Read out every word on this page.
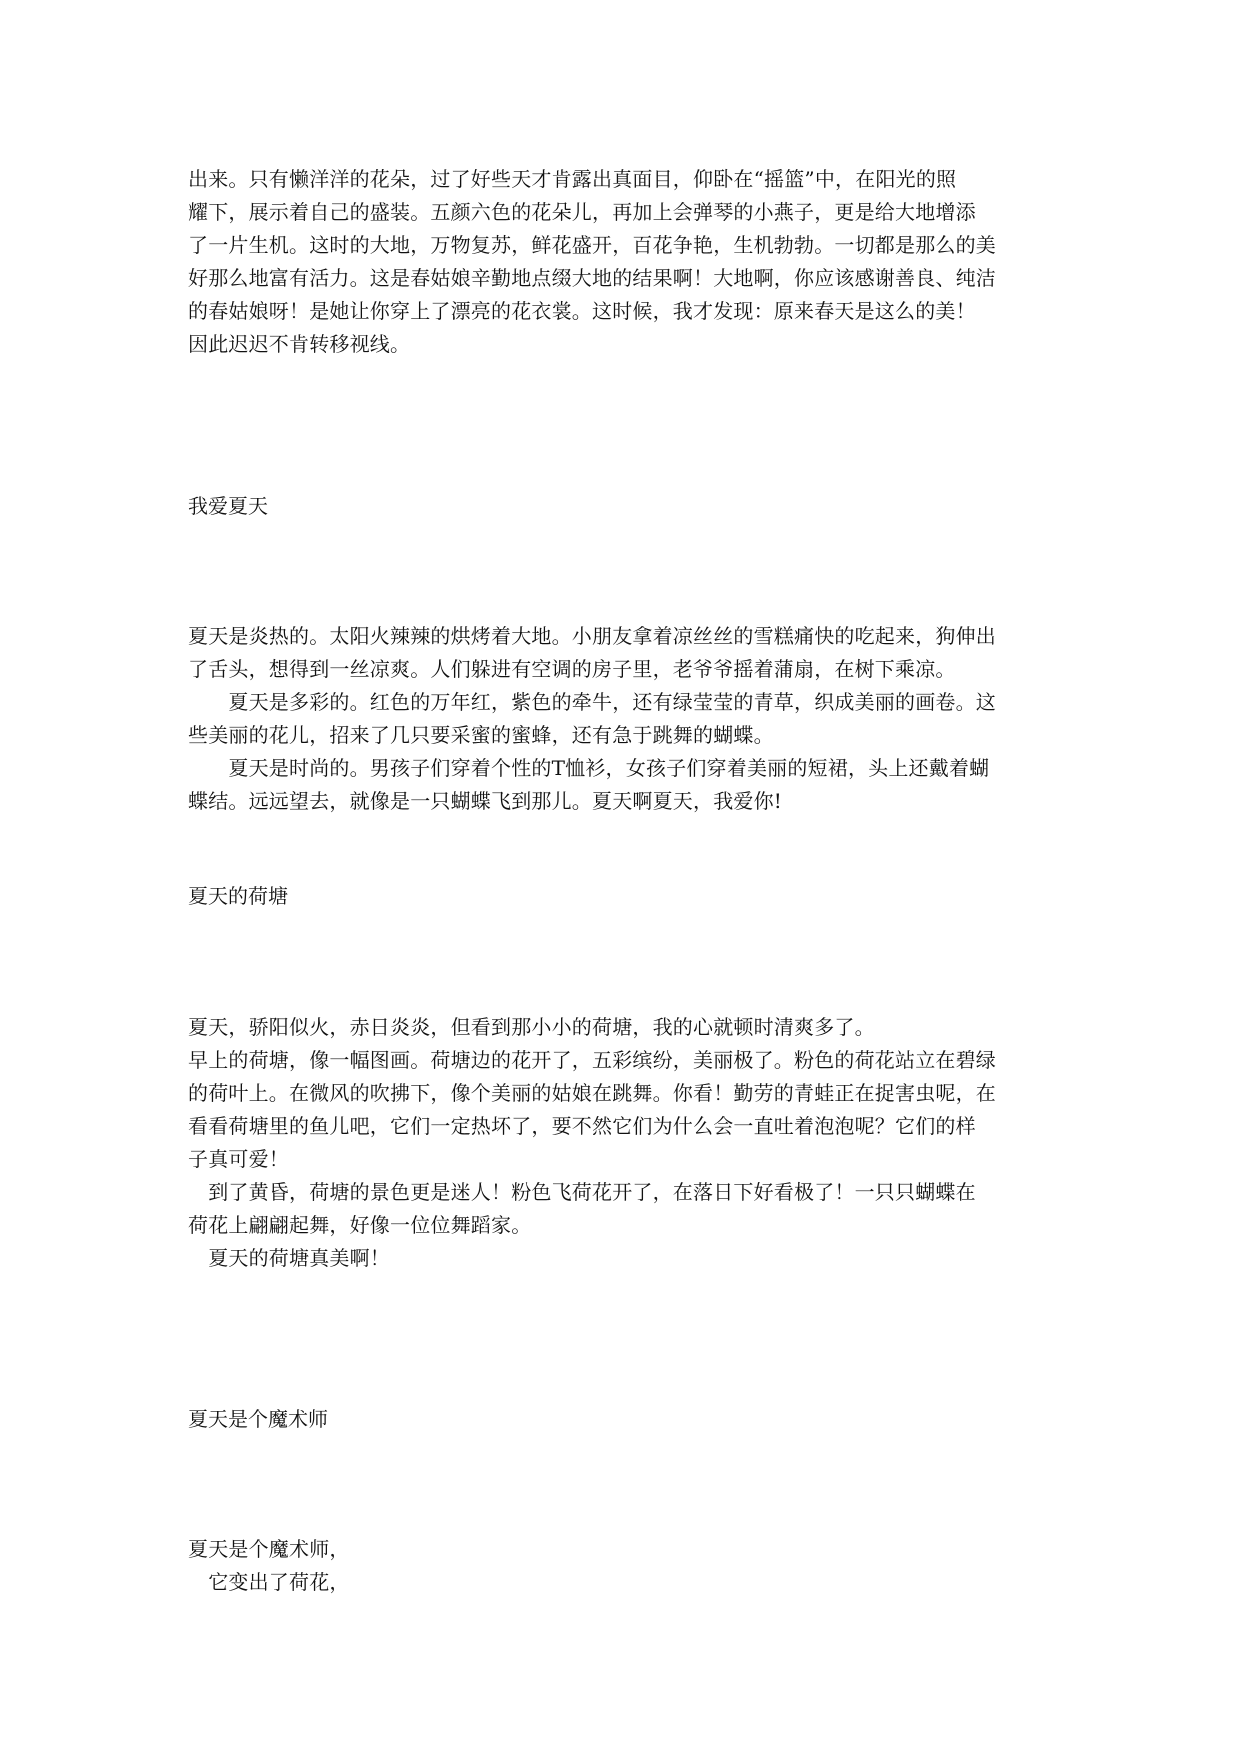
出来。只有懒洋洋的花朵，过了好些天才肯露出真面目，仰卧在“摇篮”中，在阳光的照
耀下，展示着自己的盛装。五颜六色的花朵儿，再加上会弹琴的小燕子，更是给大地增添
了一片生机。这时的大地，万物复苏，鲜花盛开，百花争艳，生机勃勃。一切都是那么的美
好那么地富有活力。这是春姑娘辛勤地点缀大地的结果啊！大地啊，你应该感谢善良、纯洁
的春姑娘呀！是她让你穿上了漂亮的花衣裳。这时候，我才发现：原来春天是这么的美！
因此迟迟不肯转移视线。
我爱夏天
夏天是炎热的。太阳火辣辣的烘烤着大地。小朋友拿着凉丝丝的雪糕痛快的吃起来，狗伸出
了舌头，想得到一丝凉爽。人们躲进有空调的房子里，老爷爷摇着蒲扇，在树下乘凉。
　　夏天是多彩的。红色的万年红，紫色的牵牛，还有绿莹莹的青草，织成美丽的画卷。这
些美丽的花儿，招来了几只要采蜜的蜜蜂，还有急于跳舞的蝴蝶。
　　夏天是时尚的。男孩子们穿着个性的T恤衫，女孩子们穿着美丽的短裙，头上还戴着蝴
蝶结。远远望去，就像是一只蝴蝶飞到那儿。夏天啊夏天，我爱你!
夏天的荷塘
夏天，骄阳似火，赤日炎炎，但看到那小小的荷塘，我的心就顿时清爽多了。
早上的荷塘，像一幅图画。荷塘边的花开了，五彩缤纷，美丽极了。粉色的荷花站立在碧绿
的荷叶上。在微风的吹拂下，像个美丽的姑娘在跳舞。你看！勤劳的青蛙正在捉害虫呢，在
看看荷塘里的鱼儿吧，它们一定热坏了，要不然它们为什么会一直吐着泡泡呢？它们的样
子真可爱！
　到了黄昏，荷塘的景色更是迷人！粉色飞荷花开了，在落日下好看极了！一只只蝴蝶在
荷花上翩翩起舞，好像一位位舞蹈家。
　夏天的荷塘真美啊！
夏天是个魔术师
夏天是个魔术师，
　它变出了荷花，
